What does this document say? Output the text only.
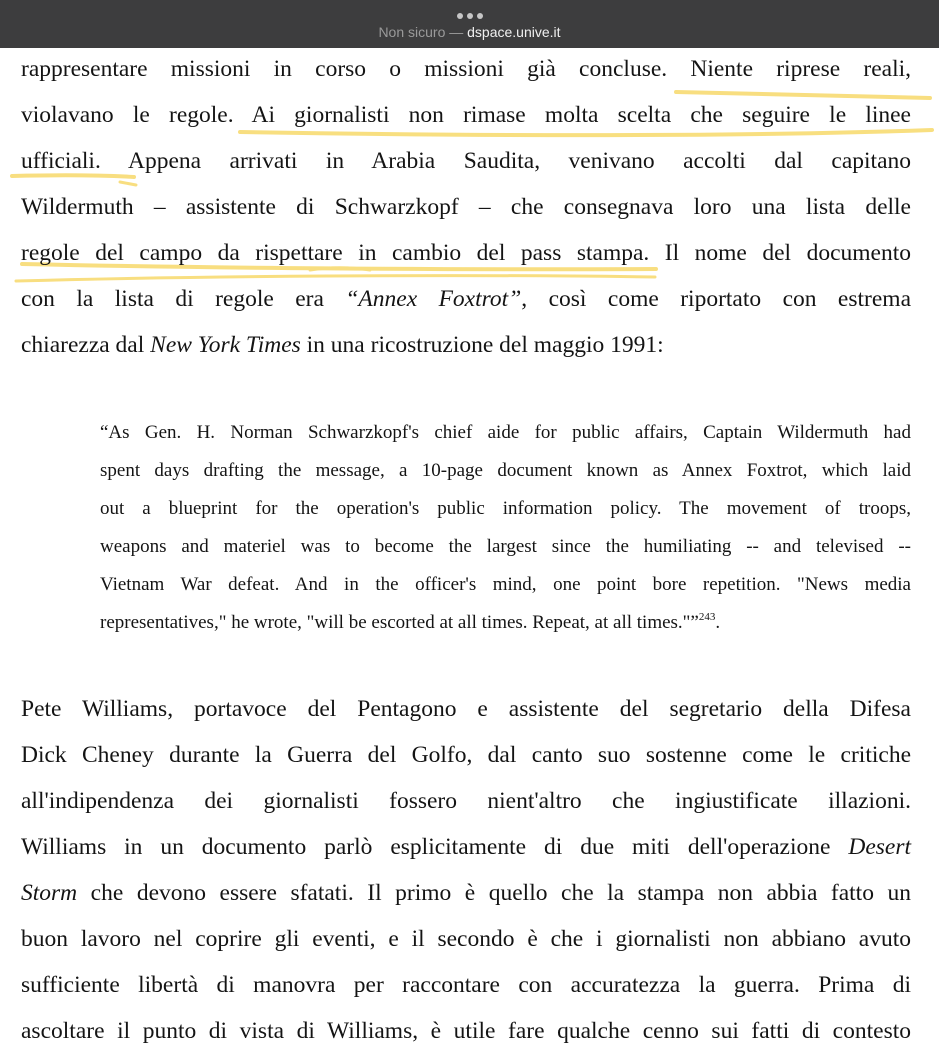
Non sicuro — dspace.unive.it
rappresentare missioni in corso o missioni già concluse. Niente riprese reali,
violavano le regole. Ai giornalisti non rimase molta scelta che seguire le linee
ufficiali. Appena arrivati in Arabia Saudita, venivano accolti dal capitano
Wildermuth – assistente di Schwarzkopf – che consegnava loro una lista delle
regole del campo da rispettare in cambio del pass stampa. Il nome del documento
con la lista di regole era “Annex Foxtrot”, così come riportato con estrema
chiarezza dal New York Times in una ricostruzione del maggio 1991:
“As Gen. H. Norman Schwarzkopf's chief aide for public affairs, Captain Wildermuth had
spent days drafting the message, a 10-page document known as Annex Foxtrot, which laid
out a blueprint for the operation's public information policy. The movement of troops,
weapons and materiel was to become the largest since the humiliating -- and televised --
Vietnam War defeat. And in the officer's mind, one point bore repetition. "News media
representatives," he wrote, "will be escorted at all times. Repeat, at all times."”$^{243}$.
Pete Williams, portavoce del Pentagono e assistente del segretario della Difesa
Dick Cheney durante la Guerra del Golfo, dal canto suo sostenne come le critiche
all'indipendenza dei giornalisti fossero nient'altro che ingiustificate illazioni.
Williams in un documento parlò esplicitamente di due miti dell'operazione Desert
Storm che devono essere sfatati. Il primo è quello che la stampa non abbia fatto un
buon lavoro nel coprire gli eventi, e il secondo è che i giornalisti non abbiano avuto
sufficiente libertà di manovra per raccontare con accuratezza la guerra. Prima di
ascoltare il punto di vista di Williams, è utile fare qualche cenno sui fatti di contesto
